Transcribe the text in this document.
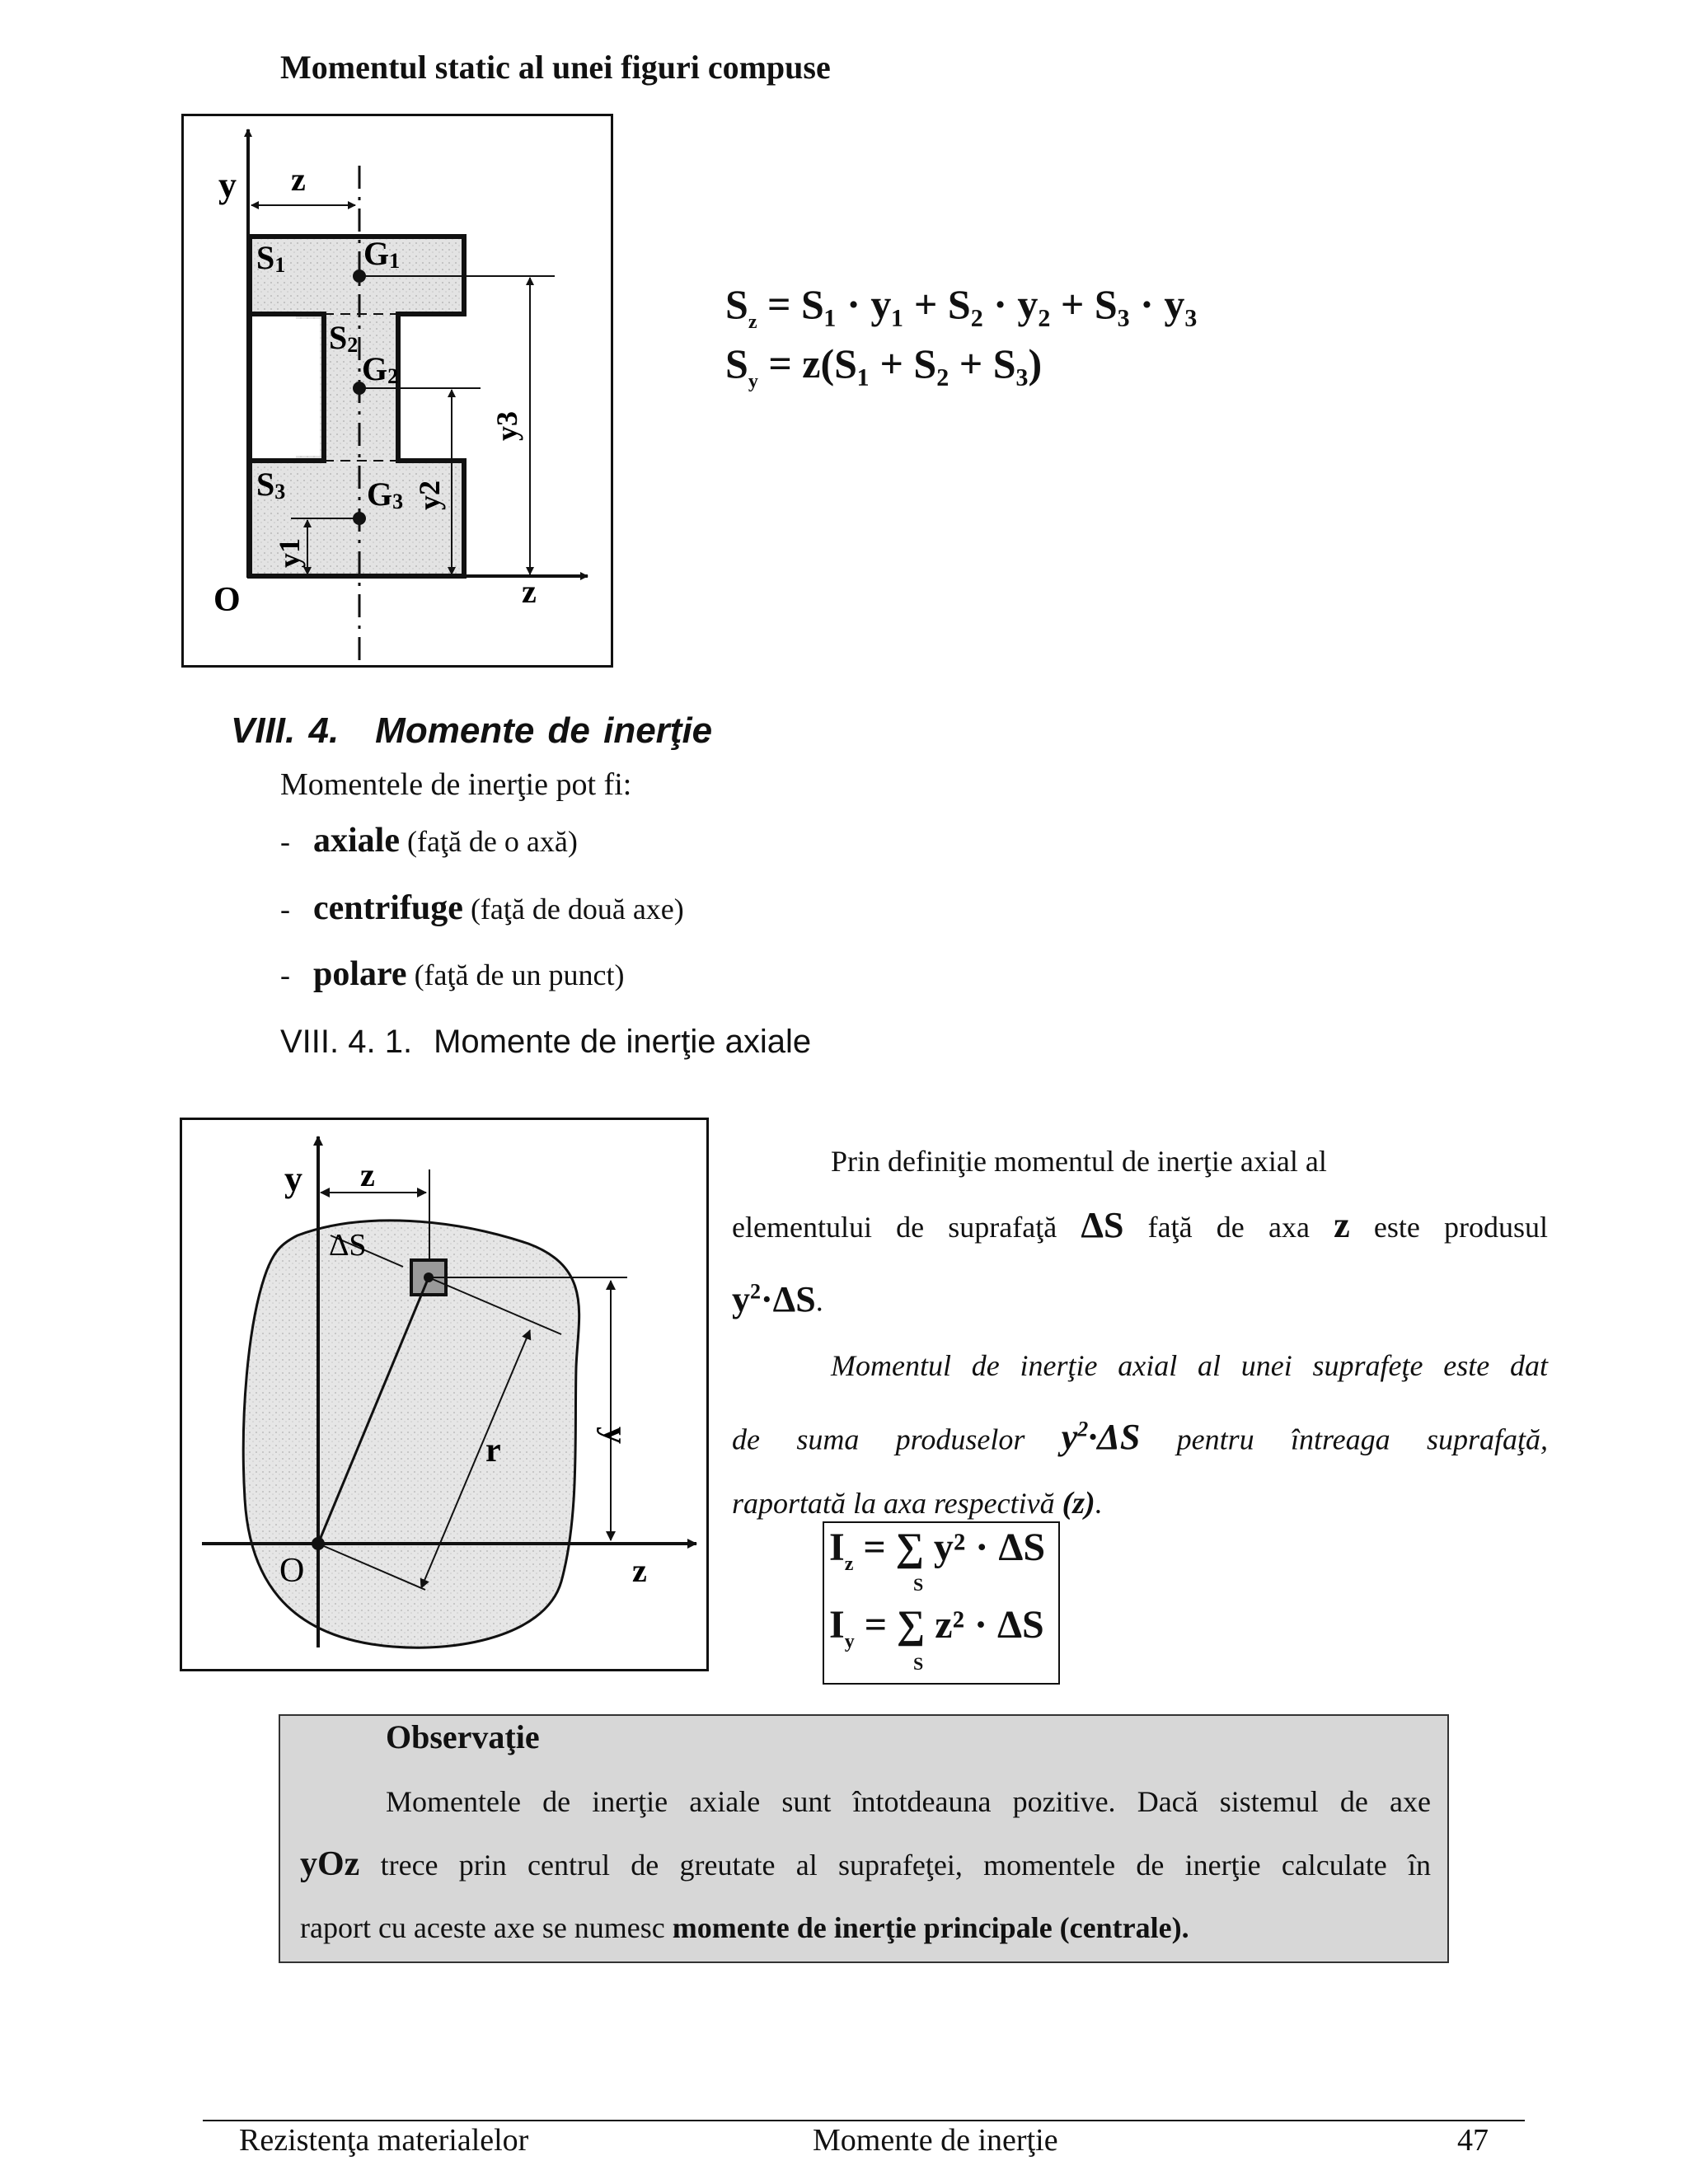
Momentul static al unei figuri compuse
y z
S1 G1
S2
G2
S3 G3
y1
y2
y3
O	z
$S_z = S_1 \cdot y_1 + S_2 \cdot y_2 + S_3 \cdot y_3$
$S_y = z(S_1 + S_2 + S_3)$
VIII. 4. Momente de inerţie
Momentele de inerţie pot fi:
- axiale (faţă de o axă)
- centrifuge (faţă de două axe)
- polare (faţă de un punct)
VIII. 4. 1. Momente de inerţie axiale
y z
ΔS
y
r
O	z

Prin definiţie momentul de inerţie axial al

elementului de suprafaţă ΔS faţă de axa z este produsul

$y^2\cdot\Delta S$.

Momentul de inerţie axial al unei suprafeţe este dat

de suma produselor $y^2\cdot\Delta S$ pentru întreaga suprafaţă,

raportată la axa respectivă (z).

$I_z$ = ∑ y² · ΔS
S
$I_y$ = ∑ z² · ΔS
S
Observaţie

Momentele de inerţie axiale sunt întotdeauna pozitive. Dacă sistemul de axe

yOz trece prin centrul de greutate al suprafeţei, momentele de inerţie calculate în

raport cu aceste axe se numesc momente de inerţie principale (centrale).

Rezistenţa materialelor	Momente de inerţie	47
